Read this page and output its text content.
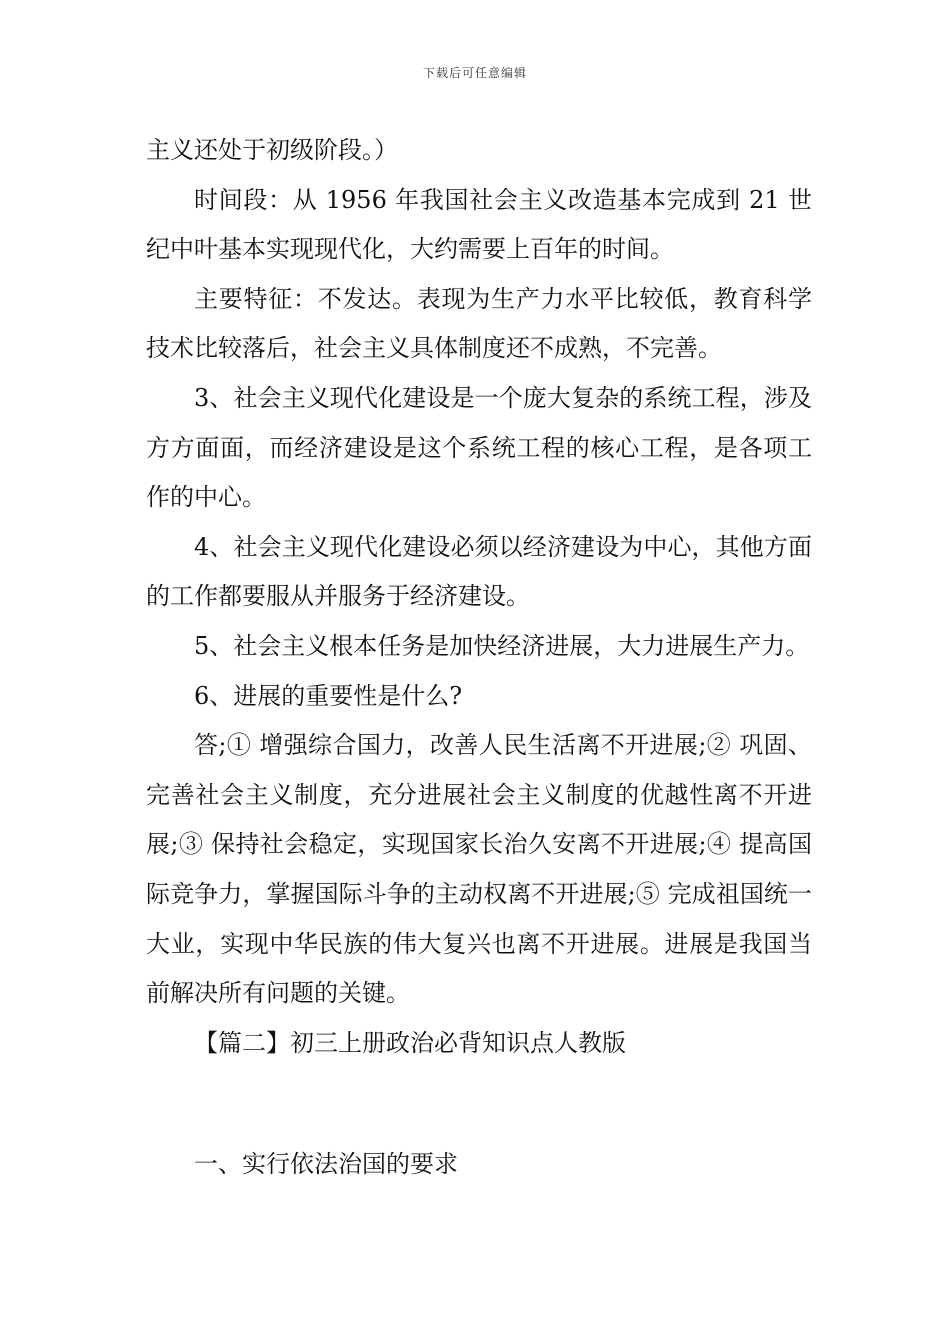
下载后可任意编辑

主义还处于初级阶段。）

时间段：从 1956 年我国社会主义改造基本完成到 21 世纪中叶基本实现现代化，大约需要上百年的时间。

主要特征：不发达。表现为生产力水平比较低，教育科学技术比较落后，社会主义具体制度还不成熟，不完善。

3、社会主义现代化建设是一个庞大复杂的系统工程，涉及方方面面，而经济建设是这个系统工程的核心工程，是各项工作的中心。

4、社会主义现代化建设必须以经济建设为中心，其他方面的工作都要服从并服务于经济建设。

5、社会主义根本任务是加快经济进展，大力进展生产力。

6、进展的重要性是什么?

答;① 增强综合国力，改善人民生活离不开进展;② 巩固、完善社会主义制度，充分进展社会主义制度的优越性离不开进展;③ 保持社会稳定，实现国家长治久安离不开进展;④ 提高国际竞争力，掌握国际斗争的主动权离不开进展;⑤ 完成祖国统一大业，实现中华民族的伟大复兴也离不开进展。进展是我国当前解决所有问题的关键。

【篇二】初三上册政治必背知识点人教版

一、实行依法治国的要求
